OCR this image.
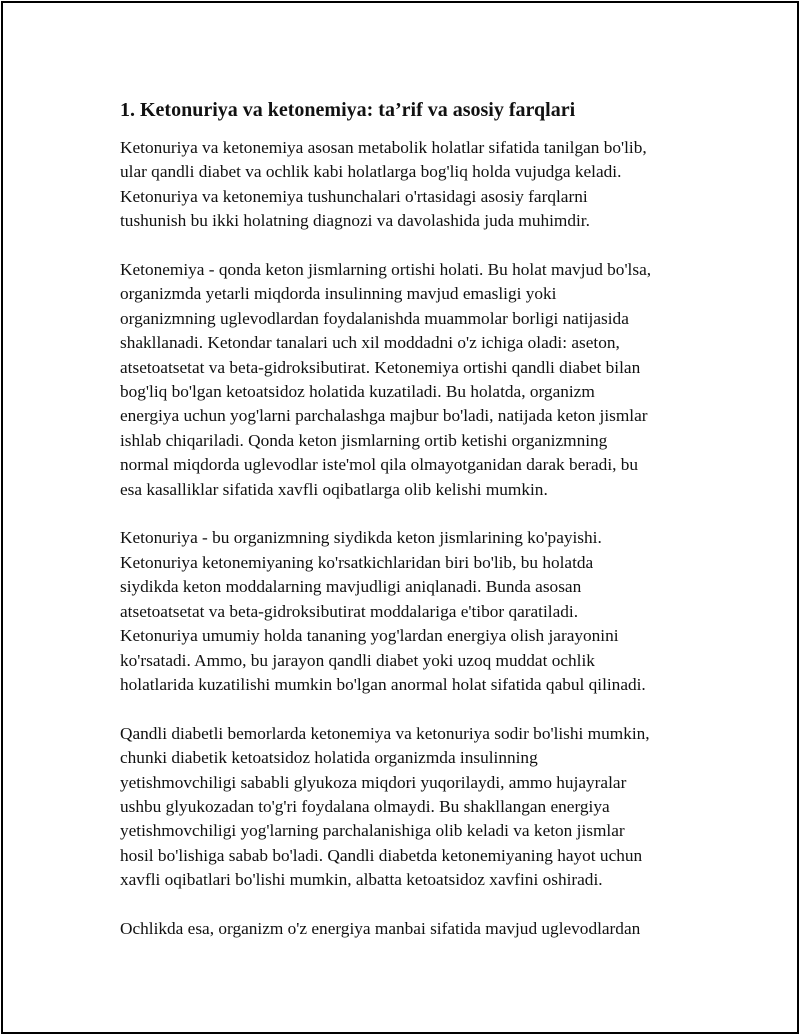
1. Ketonuriya va ketonemiya: ta’rif va asosiy farqlari

Ketonuriya va ketonemiya asosan metabolik holatlar sifatida tanilgan bo'lib,
ular qandli diabet va ochlik kabi holatlarga bog'liq holda vujudga keladi.
Ketonuriya va ketonemiya tushunchalari o'rtasidagi asosiy farqlarni
tushunish bu ikki holatning diagnozi va davolashida juda muhimdir.

Ketonemiya - qonda keton jismlarning ortishi holati. Bu holat mavjud bo'lsa,
organizmda yetarli miqdorda insulinning mavjud emasligi yoki
organizmning uglevodlardan foydalanishda muammolar borligi natijasida
shakllanadi. Ketondar tanalari uch xil moddadni o'z ichiga oladi: aseton,
atsetoatsetat va beta-gidroksibutirat. Ketonemiya ortishi qandli diabet bilan
bog'liq bo'lgan ketoatsidoz holatida kuzatiladi. Bu holatda, organizm
energiya uchun yog'larni parchalashga majbur bo'ladi, natijada keton jismlar
ishlab chiqariladi. Qonda keton jismlarning ortib ketishi organizmning
normal miqdorda uglevodlar iste'mol qila olmayotganidan darak beradi, bu
esa kasalliklar sifatida xavfli oqibatlarga olib kelishi mumkin.

Ketonuriya - bu organizmning siydikda keton jismlarining ko'payishi.
Ketonuriya ketonemiyaning ko'rsatkichlaridan biri bo'lib, bu holatda
siydikda keton moddalarning mavjudligi aniqlanadi. Bunda asosan
atsetoatsetat va beta-gidroksibutirat moddalariga e'tibor qaratiladi.
Ketonuriya umumiy holda tananing yog'lardan energiya olish jarayonini
ko'rsatadi. Ammo, bu jarayon qandli diabet yoki uzoq muddat ochlik
holatlarida kuzatilishi mumkin bo'lgan anormal holat sifatida qabul qilinadi.

Qandli diabetli bemorlarda ketonemiya va ketonuriya sodir bo'lishi mumkin,
chunki diabetik ketoatsidoz holatida organizmda insulinning
yetishmovchiligi sababli glyukoza miqdori yuqorilaydi, ammo hujayralar
ushbu glyukozadan to'g'ri foydalana olmaydi. Bu shakllangan energiya
yetishmovchiligi yog'larning parchalanishiga olib keladi va keton jismlar
hosil bo'lishiga sabab bo'ladi. Qandli diabetda ketonemiyaning hayot uchun
xavfli oqibatlari bo'lishi mumkin, albatta ketoatsidoz xavfini oshiradi.

Ochlikda esa, organizm o'z energiya manbai sifatida mavjud uglevodlardan
